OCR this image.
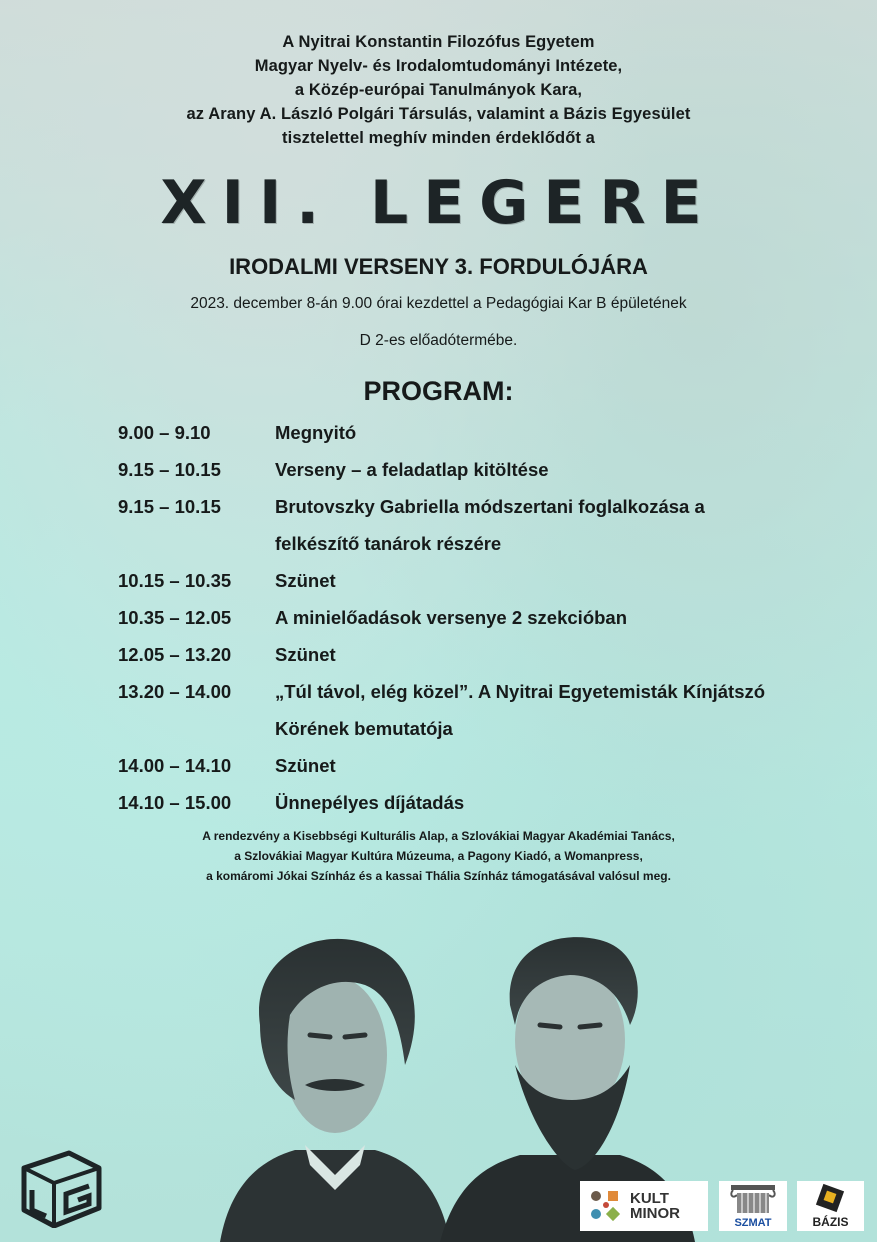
A Nyitrai Konstantin Filozófus Egyetem
Magyar Nyelv- és Irodalomtudományi Intézete,
a Közép-európai Tanulmányok Kara,
az Arany A. László Polgári Társulás, valamint a Bázis Egyesület
tisztelettel meghív minden érdeklődőt a
XII. LEGERE
IRODALMI VERSENY 3. FORDULÓJÁRA
2023. december 8-án 9.00 órai kezdettel a Pedagógiai Kar B épületének
D 2-es előadótermébe.
PROGRAM:
9.00 – 9.10	Megnyitó
9.15 – 10.15	Verseny – a feladatlap kitöltése
9.15 – 10.15	Brutovszky Gabriella módszertani foglalkozása a
felkészítő tanárok részére
10.15 – 10.35	Szünet
10.35 – 12.05	A minielőadások versenye 2 szekcióban
12.05 – 13.20	Szünet
13.20 – 14.00	„Túl távol, elég közel”. A Nyitrai Egyetemisták Kínjátszó
Körének bemutatója
14.00 – 14.10	Szünet
14.10 – 15.00	Ünnepélyes díjátadás
A rendezvény a Kisebbségi Kulturális Alap, a Szlovákiai Magyar Akadémiai Tanács,
a Szlovákiai Magyar Kultúra Múzeuma, a Pagony Kiadó, a Womanpress,
a komáromi Jókai Színház és a kassai Thália Színház támogatásával valósul meg.
KULT
MINOR
SZMAT	BÁZIS
